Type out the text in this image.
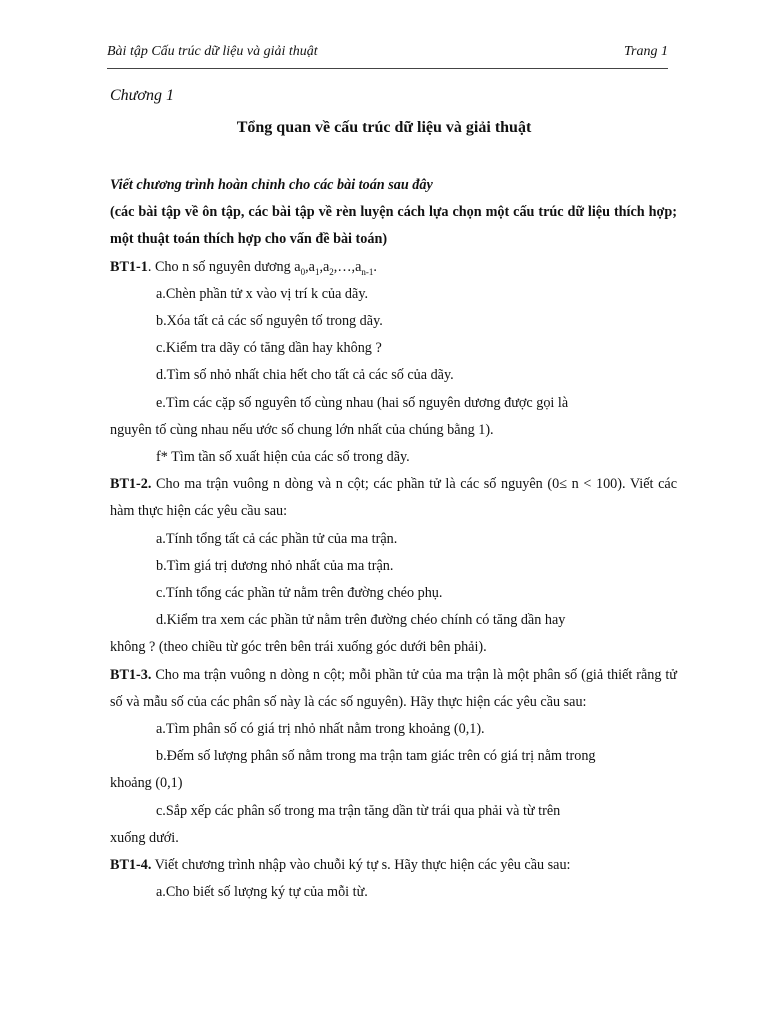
Bài tập Cấu trúc dữ liệu và giải thuật	Trang 1
Chương 1
Tổng quan về cấu trúc dữ liệu và giải thuật

Viết chương trình hoàn chỉnh cho các bài toán sau đây

(các bài tập về ôn tập, các bài tập về rèn luyện cách lựa chọn một cấu trúc dữ liệu thích hợp; một thuật toán thích hợp cho vấn đề bài toán)

BT1-1. Cho n số nguyên dương $a_0,a_1,a_2,\dots,a_{n-1}$.

a.Chèn phần tử x vào vị trí k của dãy.

b.Xóa tất cả các số nguyên tố trong dãy.

c.Kiểm tra dãy có tăng dần hay không ?

d.Tìm số nhỏ nhất chia hết cho tất cả các số của dãy.

e.Tìm các cặp số nguyên tố cùng nhau (hai số nguyên dương được gọi là

nguyên tố cùng nhau nếu ước số chung lớn nhất của chúng bằng 1).

f* Tìm tần số xuất hiện của các số trong dãy.

BT1-2. Cho ma trận vuông n dòng và n cột; các phần tử là các số nguyên (0≤ n < 100). Viết các hàm thực hiện các yêu cầu sau:

a.Tính tổng tất cả các phần tử của ma trận.

b.Tìm giá trị dương nhỏ nhất của ma trận.

c.Tính tổng các phần tử nằm trên đường chéo phụ.

d.Kiểm tra xem các phần tử nằm trên đường chéo chính có tăng dần hay

không ? (theo chiều từ góc trên bên trái xuống góc dưới bên phải).

BT1-3. Cho ma trận vuông n dòng n cột; mỗi phần tử của ma trận là một phân số (giả thiết rằng tử số và mẫu số của các phân số này là các số nguyên). Hãy thực hiện các yêu cầu sau:

a.Tìm phân số có giá trị nhỏ nhất nằm trong khoảng (0,1).

b.Đếm số lượng phân số nằm trong ma trận tam giác trên có giá trị nằm trong

khoảng (0,1)

c.Sắp xếp các phân số trong ma trận tăng dần từ trái qua phải và từ trên

xuống dưới.

BT1-4. Viết chương trình nhập vào chuỗi ký tự s. Hãy thực hiện các yêu cầu sau:

a.Cho biết số lượng ký tự của mỗi từ.
